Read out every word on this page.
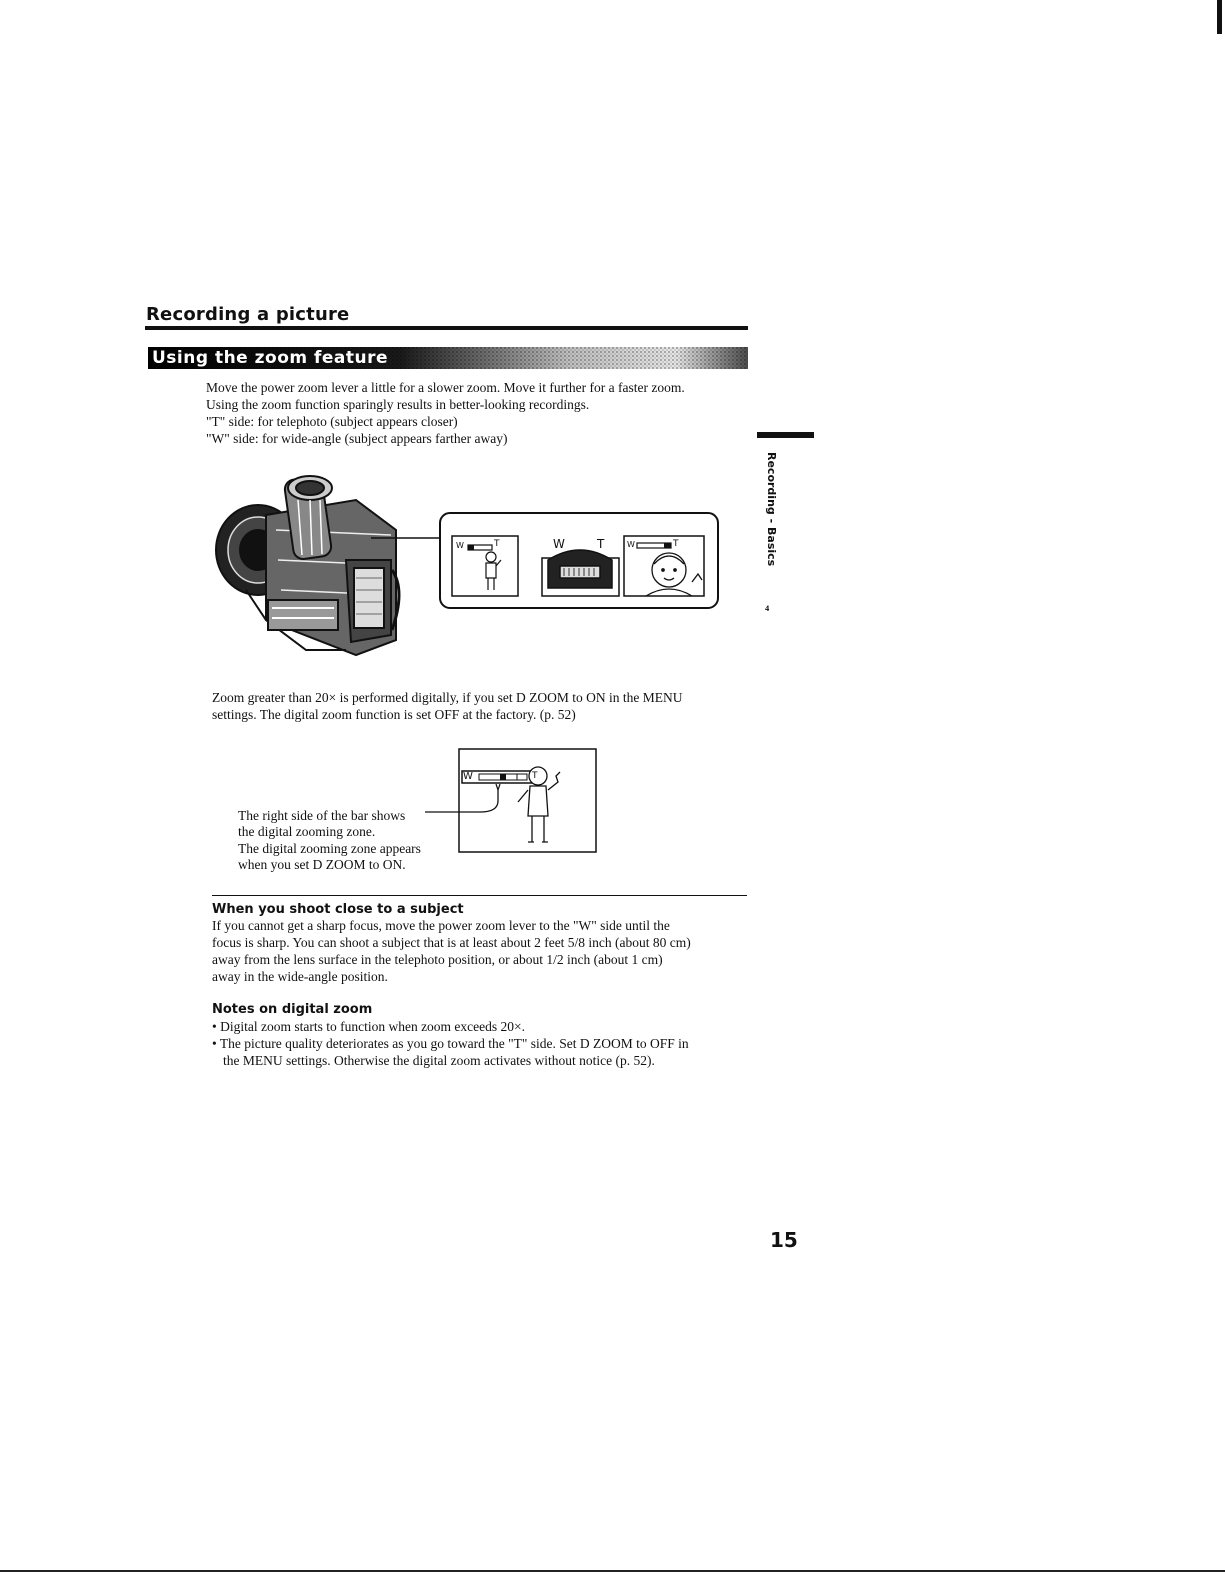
Recording a picture
Using the zoom feature
Move the power zoom lever a little for a slower zoom. Move it further for a faster zoom.
Using the zoom function sparingly results in better-looking recordings.
"T" side: for telephoto (subject appears closer)
"W" side: for wide-angle (subject appears farther away)
Recording - Basics
⁴
W	T	W	T	W	T
Zoom greater than 20× is performed digitally, if you set D ZOOM to ON in the MENU
settings. The digital zoom function is set OFF at the factory. (p. 52)
W	T
The right side of the bar shows
the digital zooming zone.
The digital zooming zone appears
when you set D ZOOM to ON.
When you shoot close to a subject
If you cannot get a sharp focus, move the power zoom lever to the "W" side until the
focus is sharp. You can shoot a subject that is at least about 2 feet 5/8 inch (about 80 cm)
away from the lens surface in the telephoto position, or about 1/2 inch (about 1 cm)
away in the wide-angle position.
Notes on digital zoom
• Digital zoom starts to function when zoom exceeds 20×.
• The picture quality deteriorates as you go toward the "T" side. Set D ZOOM to OFF in
the MENU settings. Otherwise the digital zoom activates without notice (p. 52).
15
